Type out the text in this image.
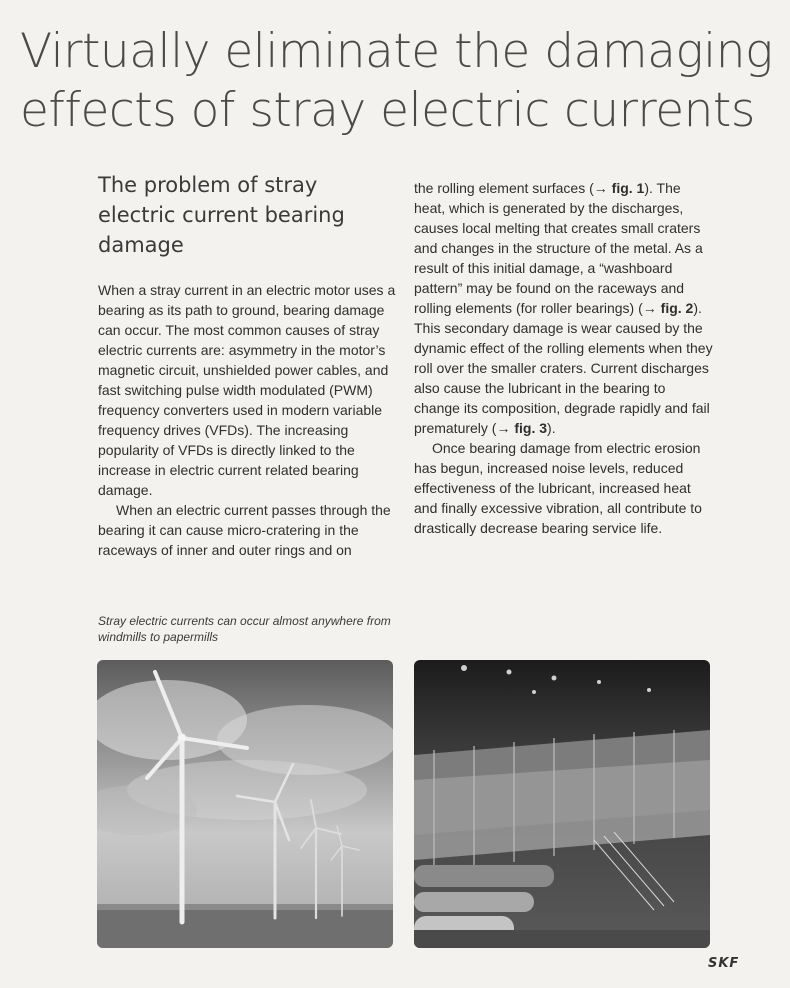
Virtually eliminate the damaging
effects of stray electric currents
The problem of stray electric current bearing damage

When a stray current in an electric motor uses a bearing as its path to ground, bearing damage can occur. The most common causes of stray electric currents are: asymmetry in the motor’s magnetic circuit, unshielded power cables, and fast switching pulse width modulated (PWM) frequency converters used in modern variable frequency drives (VFDs). The increasing popularity of VFDs is directly linked to the increase in electric current related bearing damage.

When an electric current passes through the bearing it can cause micro-cratering in the raceways of inner and outer rings and on

the rolling element surfaces (→ fig. 1). The heat, which is generated by the discharges, causes local melting that creates small craters and changes in the structure of the metal. As a result of this initial damage, a “washboard pattern” may be found on the raceways and rolling elements (for roller bearings) (→ fig. 2). This secondary damage is wear caused by the dynamic effect of the rolling elements when they roll over the smaller craters. Current discharges also cause the lubricant in the bearing to change its composition, degrade rapidly and fail prematurely (→ fig. 3).

Once bearing damage from electric erosion has begun, increased noise levels, reduced effectiveness of the lubricant, increased heat and finally excessive vibration, all contribute to drastically decrease bearing service life.

Stray electric currents can occur almost anywhere from windmills to papermills
SKF
